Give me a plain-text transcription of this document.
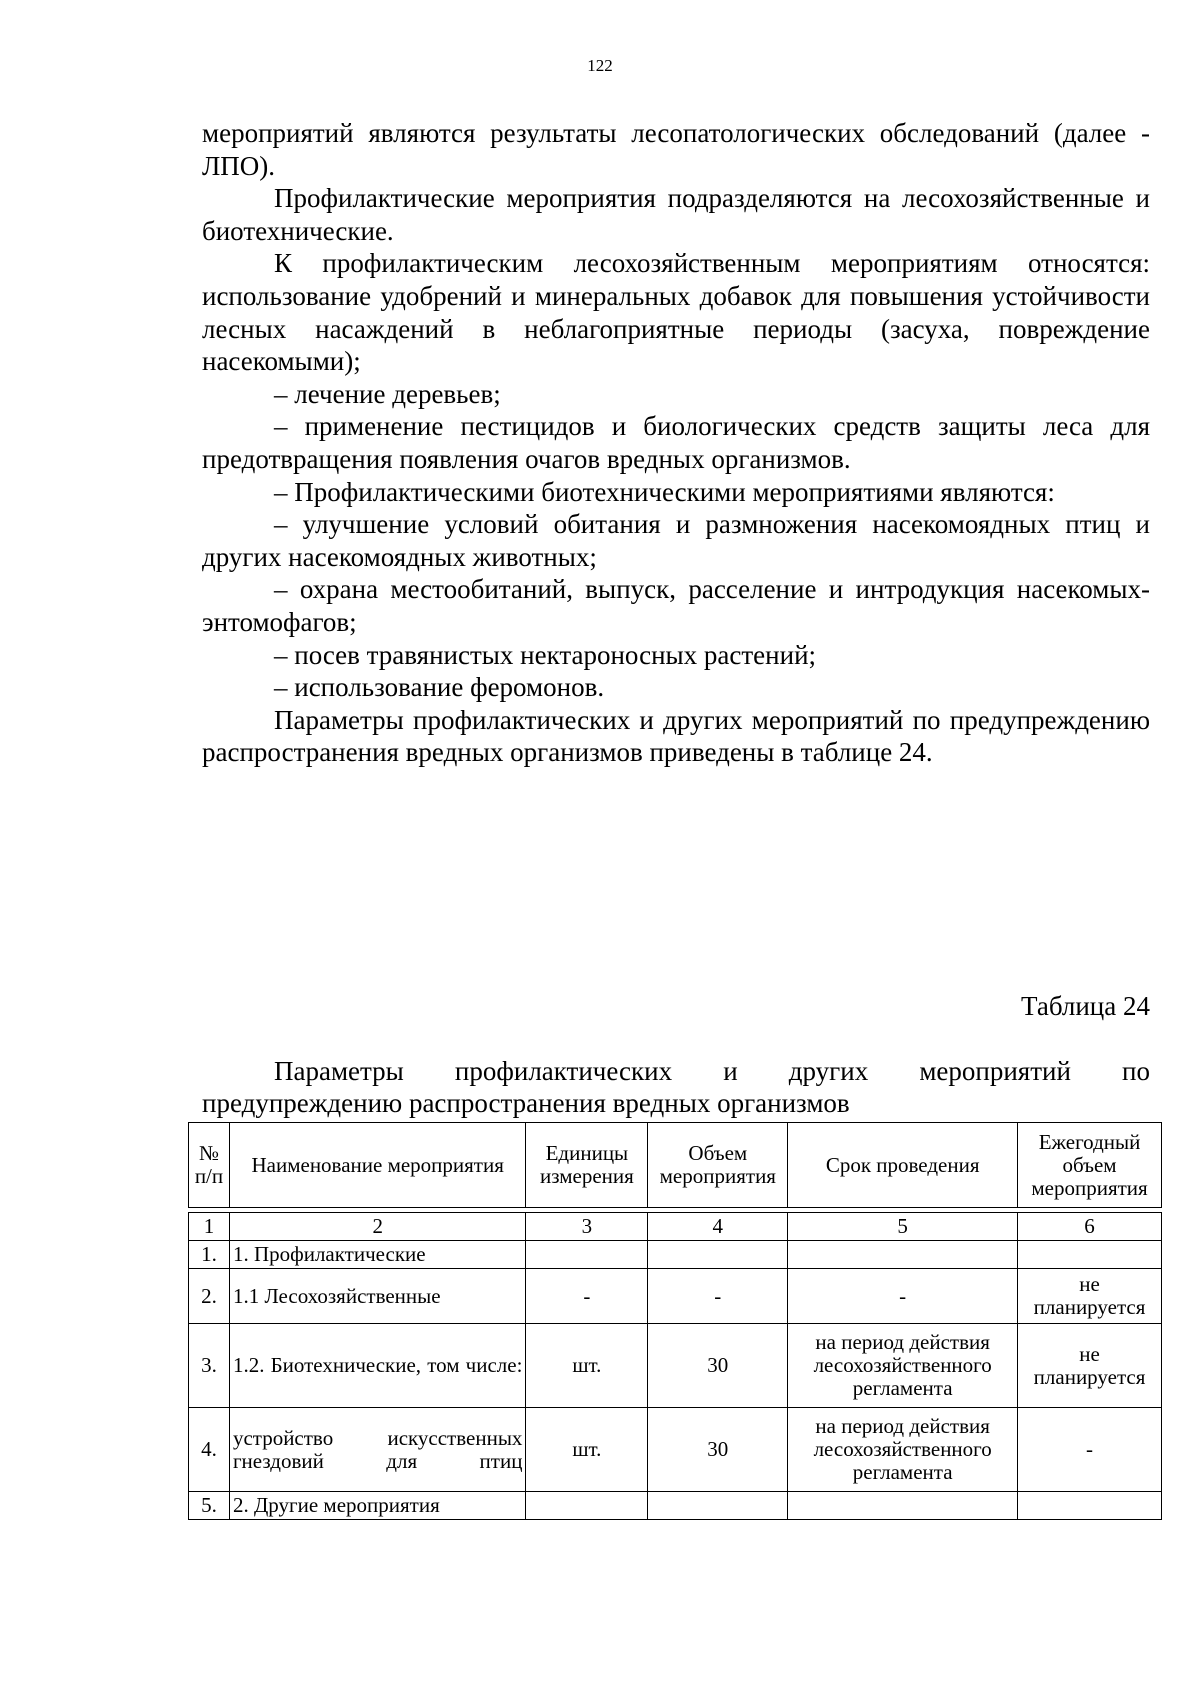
122

мероприятий являются результаты лесопатологических обследований (далее - ЛПО).

Профилактические мероприятия подразделяются на лесохозяйственные и биотехнические.

К профилактическим лесохозяйственным мероприятиям относятся: использование удобрений и минеральных добавок для повышения устойчивости лесных насаждений в неблагоприятные периоды (засуха, повреждение насекомыми);

– лечение деревьев;

– применение пестицидов и биологических средств защиты леса для предотвращения появления очагов вредных организмов.

– Профилактическими биотехническими мероприятиями являются:

– улучшение условий обитания и размножения насекомоядных птиц и других насекомоядных животных;

– охрана местообитаний, выпуск, расселение и интродукция насекомых-энтомофагов;

– посев травянистых нектароносных растений;

– использование феромонов.

Параметры профилактических и других мероприятий по предупреждению распространения вредных организмов приведены в таблице 24.

Таблица 24

Параметры профилактических и других мероприятий по

предупреждению распространения вредных организмов

№ п/п	Наименование мероприятия	Единицы измерения	Объем мероприятия	Срок проведения	Ежегодный объем мероприятия

1	2	3	4	5	6
1.	1. Профилактические				
2.	1.1 Лесохозяйственные	-	-	-	не планируется
3.	1.2. Биотехнические, том числе:	шт.	30	на период действия лесохозяйственного регламента	не планируется
4.	устройство искусственных гнездовий для птиц	шт.	30	на период действия лесохозяйственного регламента	-
5.	2. Другие мероприятия				
